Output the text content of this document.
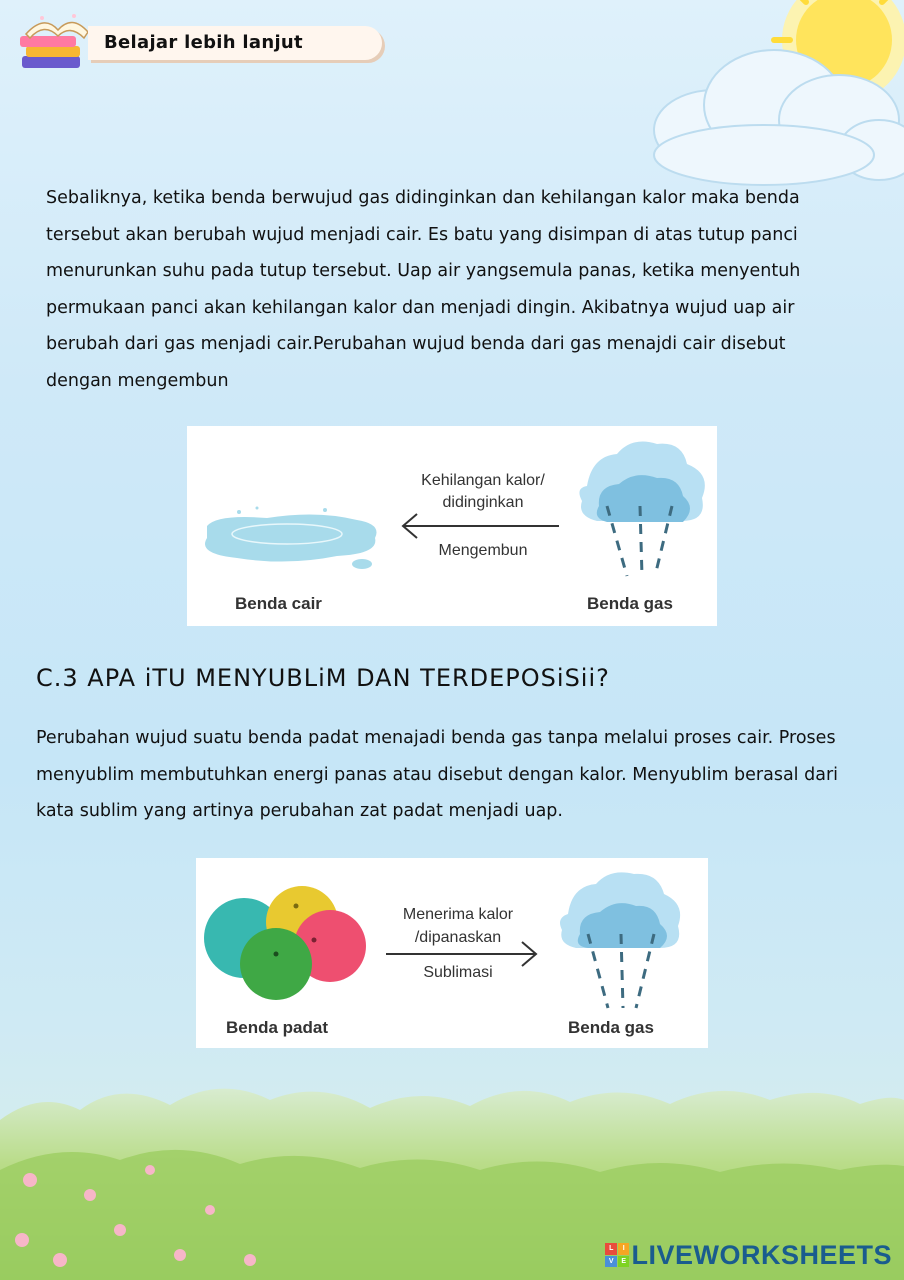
Belajar lebih lanjut
Sebaliknya, ketika benda berwujud gas didinginkan dan kehilangan kalor maka benda tersebut akan berubah wujud menjadi cair. Es batu yang disimpan di atas tutup panci menurunkan suhu pada tutup tersebut. Uap air yangsemula panas, ketika menyentuh permukaan panci akan kehilangan kalor dan menjadi dingin. Akibatnya wujud uap air berubah dari gas menjadi cair.Perubahan wujud benda dari gas menajdi cair disebut dengan mengembun
Kehilangan kalor/
didinginkan
Mengembun
Benda cair	Benda gas
C.3 APA iTU MENYUBLiM DAN TERDEPOSiSii?
Perubahan wujud suatu benda padat menajadi benda gas tanpa melalui proses cair. Proses menyublim membutuhkan energi panas atau disebut dengan kalor. Menyublim berasal dari kata sublim yang artinya perubahan zat padat menjadi uap.
Menerima kalor
/dipanaskan
Sublimasi
Benda padat	Benda gas
L	I
V	E LIVEWORKSHEETS
